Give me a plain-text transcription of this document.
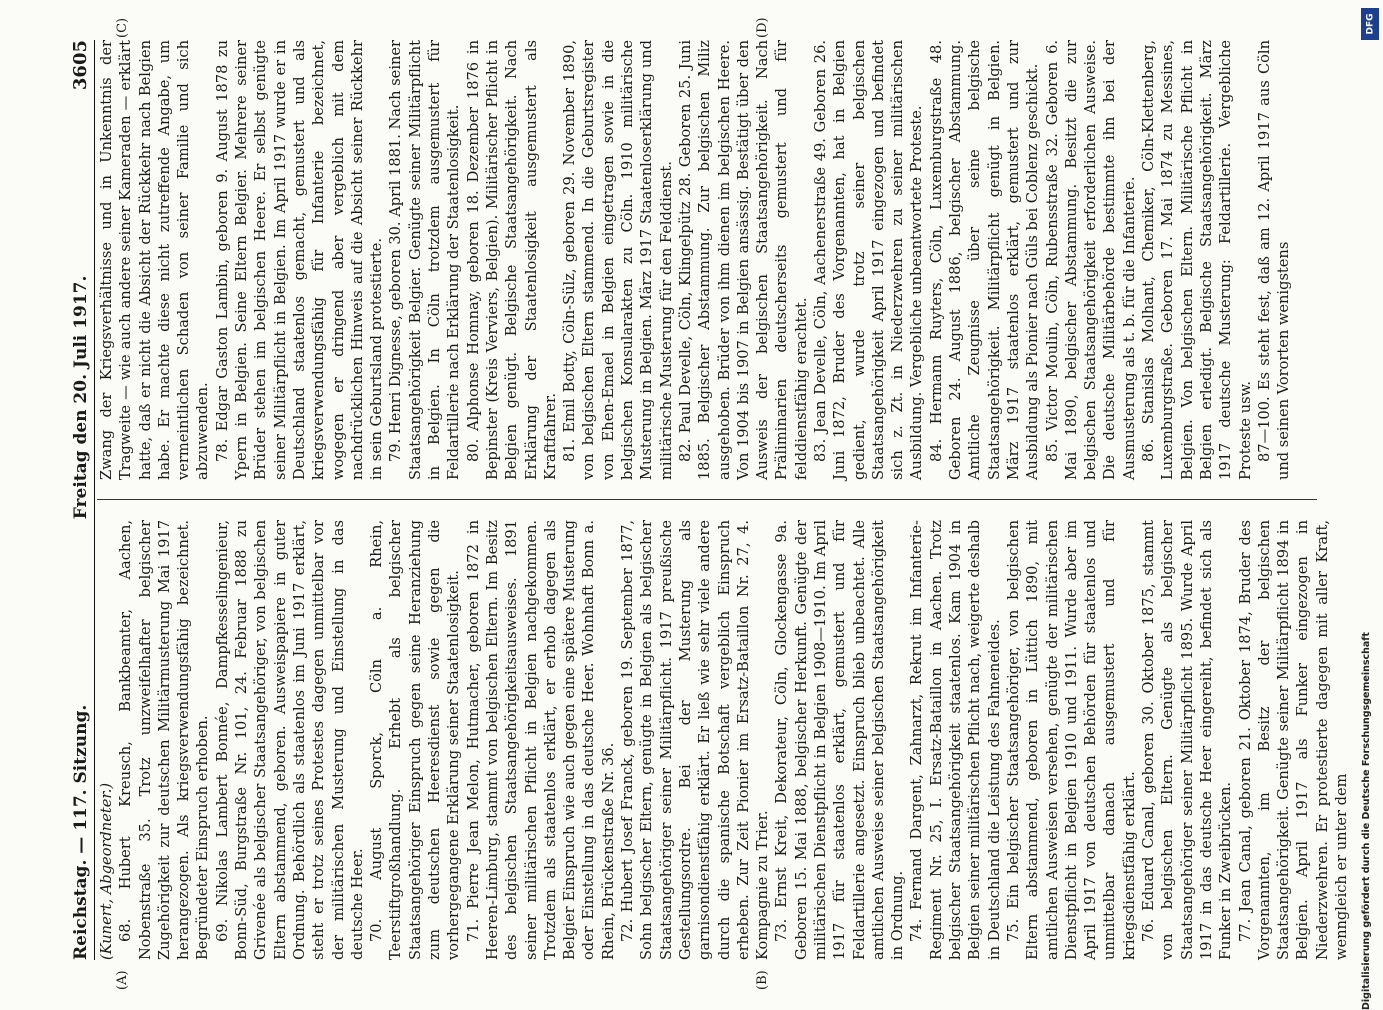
Reichstag. — 117. Sitzung.
Freitag den 20. Juli 1917.
3605

(Kunert, Abgeordneter.) 68. Hubert Kreusch, Bankbeamter, Aachen, Nobenstraße 35. Trotz unzweifelhafter belgischer Zugehörigkeit zur deutschen Militärmusterung Mai 1917 herangezogen. Als kriegsverwendungsfähig bezeichnet. Begründeter Einspruch erhoben. 69. Nikolas Lambert Bonnée, Dampfkesselingenieur, Bonn-Süd, Burgstraße Nr. 101, 24. Februar 1888 zu Grivenée als belgischer Staatsangehöriger, von belgischen Eltern abstammend, geboren. Ausweispapiere in guter Ordnung. Behördlich als staatenlos im Juni 1917 erklärt, steht er trotz seines Protestes dagegen unmittelbar vor der militärischen Musterung und Einstellung in das deutsche Heer. 70. August Sporck, Cöln a. Rhein, Teerstiftgroßhandlung. Erhebt als belgischer Staatsangehöriger Einspruch gegen seine Heranziehung zum deutschen Heeresdienst sowie gegen die vorhergegangene Erklärung seiner Staatenlosigkeit. 71. Pierre Jean Melon, Hutmacher, geboren 1872 in Heeren-Limburg, stammt von belgischen Eltern. Im Besitz des belgischen Staatsangehörigkeitsausweises. 1891 seiner militärischen Pflicht in Belgien nachgekommen. Trotzdem als staatenlos erklärt, er erhob dagegen als Belgier Einspruch wie auch gegen eine spätere Musterung oder Einstellung in das deutsche Heer. Wohnhaft Bonn a. Rhein, Brückenstraße Nr. 36. 72. Hubert Josef Franck, geboren 19. September 1877, Sohn belgischer Eltern, genügte in Belgien als belgischer Staatsangehöriger seiner Militärpflicht. 1917 preußische Gestellungsordre. Bei der Musterung als garnisondienstfähig erklärt. Er ließ wie sehr viele andere durch die spanische Botschaft vergeblich Einspruch erheben. Zur Zeit Pionier im Ersatz-Bataillon Nr. 27, 4. Kompagnie zu Trier. 73. Ernst Kreit, Dekorateur, Cöln, Glockengasse 9a. Geboren 15. Mai 1888, belgischer Herkunft. Genügte der militärischen Dienstpflicht in Belgien 1908—1910. Im April 1917 für staatenlos erklärt, gemustert und für Feldartillerie angesetzt. Einspruch blieb unbeachtet. Alle amtlichen Ausweise seiner belgischen Staatsangehörigkeit in Ordnung. 74. Fernand Dargent, Zahnarzt, Rekrut im Infanterie-Regiment Nr. 25, I. Ersatz-Bataillon in Aachen. Trotz belgischer Staatsangehörigkeit staatenlos. Kam 1904 in Belgien seiner militärischen Pflicht nach, weigerte deshalb in Deutschland die Leistung des Fahneneides. 75. Ein belgischer Staatsangehöriger, von belgischen Eltern abstammend, geboren in Lüttich 1890, mit amtlichen Ausweisen versehen, genügte der militärischen Dienstpflicht in Belgien 1910 und 1911. Wurde aber im April 1917 von deutschen Behörden für staatenlos und unmittelbar danach ausgemustert und für kriegsdienstfähig erklärt. 76. Eduard Canal, geboren 30. Oktober 1875, stammt von belgischen Eltern. Genügte als belgischer Staatsangehöriger seiner Militärpflicht 1895. Wurde April 1917 in das deutsche Heer eingereiht, befindet sich als Funker in Zweibrücken. 77. Jean Canal, geboren 21. Oktober 1874, Bruder des Vorgenannten, im Besitz der belgischen Staatsangehörigkeit. Genügte seiner Militärpflicht 1894 in Belgien. April 1917 als Funker eingezogen in Niederzwehren. Er protestierte dagegen mit aller Kraft, wenngleich er unter dem

Zwang der Kriegsverhältnisse und in Unkenntnis der Tragweite — wie auch andere seiner Kameraden — erklärt hatte, daß er nicht die Absicht der Rückkehr nach Belgien habe. Er machte diese nicht zutreffende Angabe, um vermeintlichen Schaden von seiner Familie und sich abzuwenden. 78. Edgar Gaston Lambin, geboren 9. August 1878 zu Ypern in Belgien. Seine Eltern Belgier. Mehrere seiner Brüder stehen im belgischen Heere. Er selbst genügte seiner Militärpflicht in Belgien. Im April 1917 wurde er in Deutschland staatenlos gemacht, gemustert und als kriegsverwendungsfähig für Infanterie bezeichnet, wogegen er dringend aber vergeblich mit dem nachdrücklichen Hinweis auf die Absicht seiner Rückkehr in sein Geburtsland protestierte. 79. Henri Dignesse, geboren 30. April 1881. Nach seiner Staatsangehörigkeit Belgier. Genügte seiner Militärpflicht in Belgien. In Cöln trotzdem ausgemustert für Feldartillerie nach Erklärung der Staatenlosigkeit. 80. Alphonse Homnay, geboren 18. Dezember 1876 in Bepinster (Kreis Verviers, Belgien). Militärischer Pflicht in Belgien genügt. Belgische Staatsangehörigkeit. Nach Erklärung der Staatenlosigkeit ausgemustert als Kraftfahrer. 81. Emil Botty, Cöln-Sülz, geboren 29. November 1890, von belgischen Eltern stammend. In die Geburtsregister von Ehen-Emael in Belgien eingetragen sowie in die belgischen Konsularakten zu Cöln. 1910 militärische Musterung in Belgien. März 1917 Staatenloserklärung und militärische Musterung für den Felddienst. 82. Paul Develle, Cöln, Klingelpütz 28. Geboren 25. Juni 1885. Belgischer Abstammung. Zur belgischen Miliz ausgehoben. Brüder von ihm dienen im belgischen Heere. Von 1904 bis 1907 in Belgien ansässig. Bestätigt über den Ausweis der belgischen Staatsangehörigkeit. Nach Präliminarien deutscherseits gemustert und für felddienstfähig erachtet. 83. Jean Develle, Cöln, Aachenerstraße 49. Geboren 26. Juni 1872, Bruder des Vorgenannten, hat in Belgien gedient, wurde trotz seiner belgischen Staatsangehörigkeit April 1917 eingezogen und befindet sich z. Zt. in Niederzwehren zu seiner militärischen Ausbildung. Vergebliche unbeantwortete Proteste. 84. Hermann Ruyters, Cöln, Luxemburgstraße 48. Geboren 24. August 1886, belgischer Abstammung. Amtliche Zeugnisse über seine belgische Staatsangehörigkeit. Militärpflicht genügt in Belgien. März 1917 staatenlos erklärt, gemustert und zur Ausbildung als Pionier nach Güls bei Coblenz geschickt. 85. Victor Moulin, Cöln, Rubensstraße 32. Geboren 6. Mai 1890, belgischer Abstammung. Besitzt die zur belgischen Staatsangehörigkeit erforderlichen Ausweise. Die deutsche Militärbehörde bestimmte ihn bei der Ausmusterung als t. b. für die Infanterie. 86. Stanislas Molhant, Chemiker, Cöln-Klettenberg, Luxemburgstraße. Geboren 17. Mai 1874 zu Messines, Belgien. Von belgischen Eltern. Militärische Pflicht in Belgien erledigt. Belgische Staatsangehörigkeit. März 1917 deutsche Musterung: Feldartillerie. Vergebliche Proteste usw. 87—100. Es steht fest, daß am 12. April 1917 aus Cöln und seinen Vororten wenigstens

(A)	(B)
(C)	(D)	DFG
Digitalisierung gefördert durch die Deutsche Forschungsgemeinschaft
